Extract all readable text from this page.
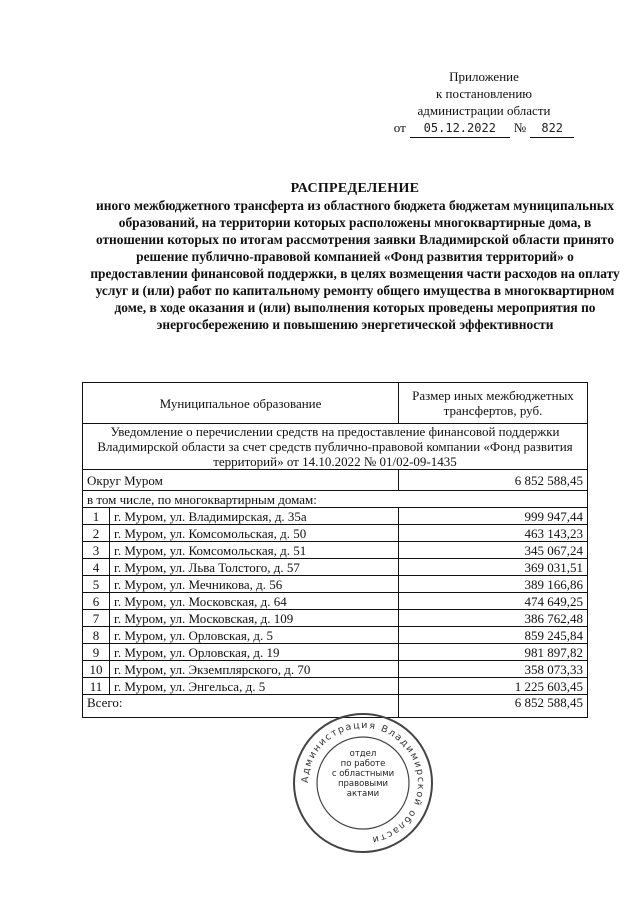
Приложение
к постановлению
администрации области
от	05.12.2022	№	822
РАСПРЕДЕЛЕНИЕ
иного межбюджетного трансферта из областного бюджета бюджетам муниципальных образований, на территории которых расположены многоквартирные дома, в отношении которых по итогам рассмотрения заявки Владимирской области принято решение публично-правовой компанией «Фонд развития территорий» о предоставлении финансовой поддержки, в целях возмещения части расходов на оплату услуг и (или) работ по капитальному ремонту общего имущества в многоквартирном доме, в ходе оказания и (или) выполнения которых проведены мероприятия по энергосбережению и повышению энергетической эффективности
Муниципальное образование		Размер иных межбюджетных трансфертов, руб.
Уведомление о перечислении средств на предоставление финансовой поддержки Владимирской области за счет средств публично-правовой компании «Фонд развития территорий» от 14.10.2022 № 01/02-09-1435		
Округ Муром		6 852 588,45
в том числе, по многоквартирным домам:		
1	г. Муром, ул. Владимирская, д. 35а	999 947,44
2	г. Муром, ул. Комсомольская, д. 50	463 143,23
3	г. Муром, ул. Комсомольская, д. 51	345 067,24
4	г. Муром, ул. Льва Толстого, д. 57	369 031,51
5	г. Муром, ул. Мечникова, д. 56	389 166,86
6	г. Муром, ул. Московская, д. 64	474 649,25
7	г. Муром, ул. Московская, д. 109	386 762,48
8	г. Муром, ул. Орловская, д. 5	859 245,84
9	г. Муром, ул. Орловская, д. 19	981 897,82
10	г. Муром, ул. Экземплярского, д. 70	358 073,33
11	г. Муром, ул. Энгельса, д. 5	1 225 603,45
Всего:		6 852 588,45
Администрация Владимирской области
отдел
по работе
с областными
правовыми
актами
